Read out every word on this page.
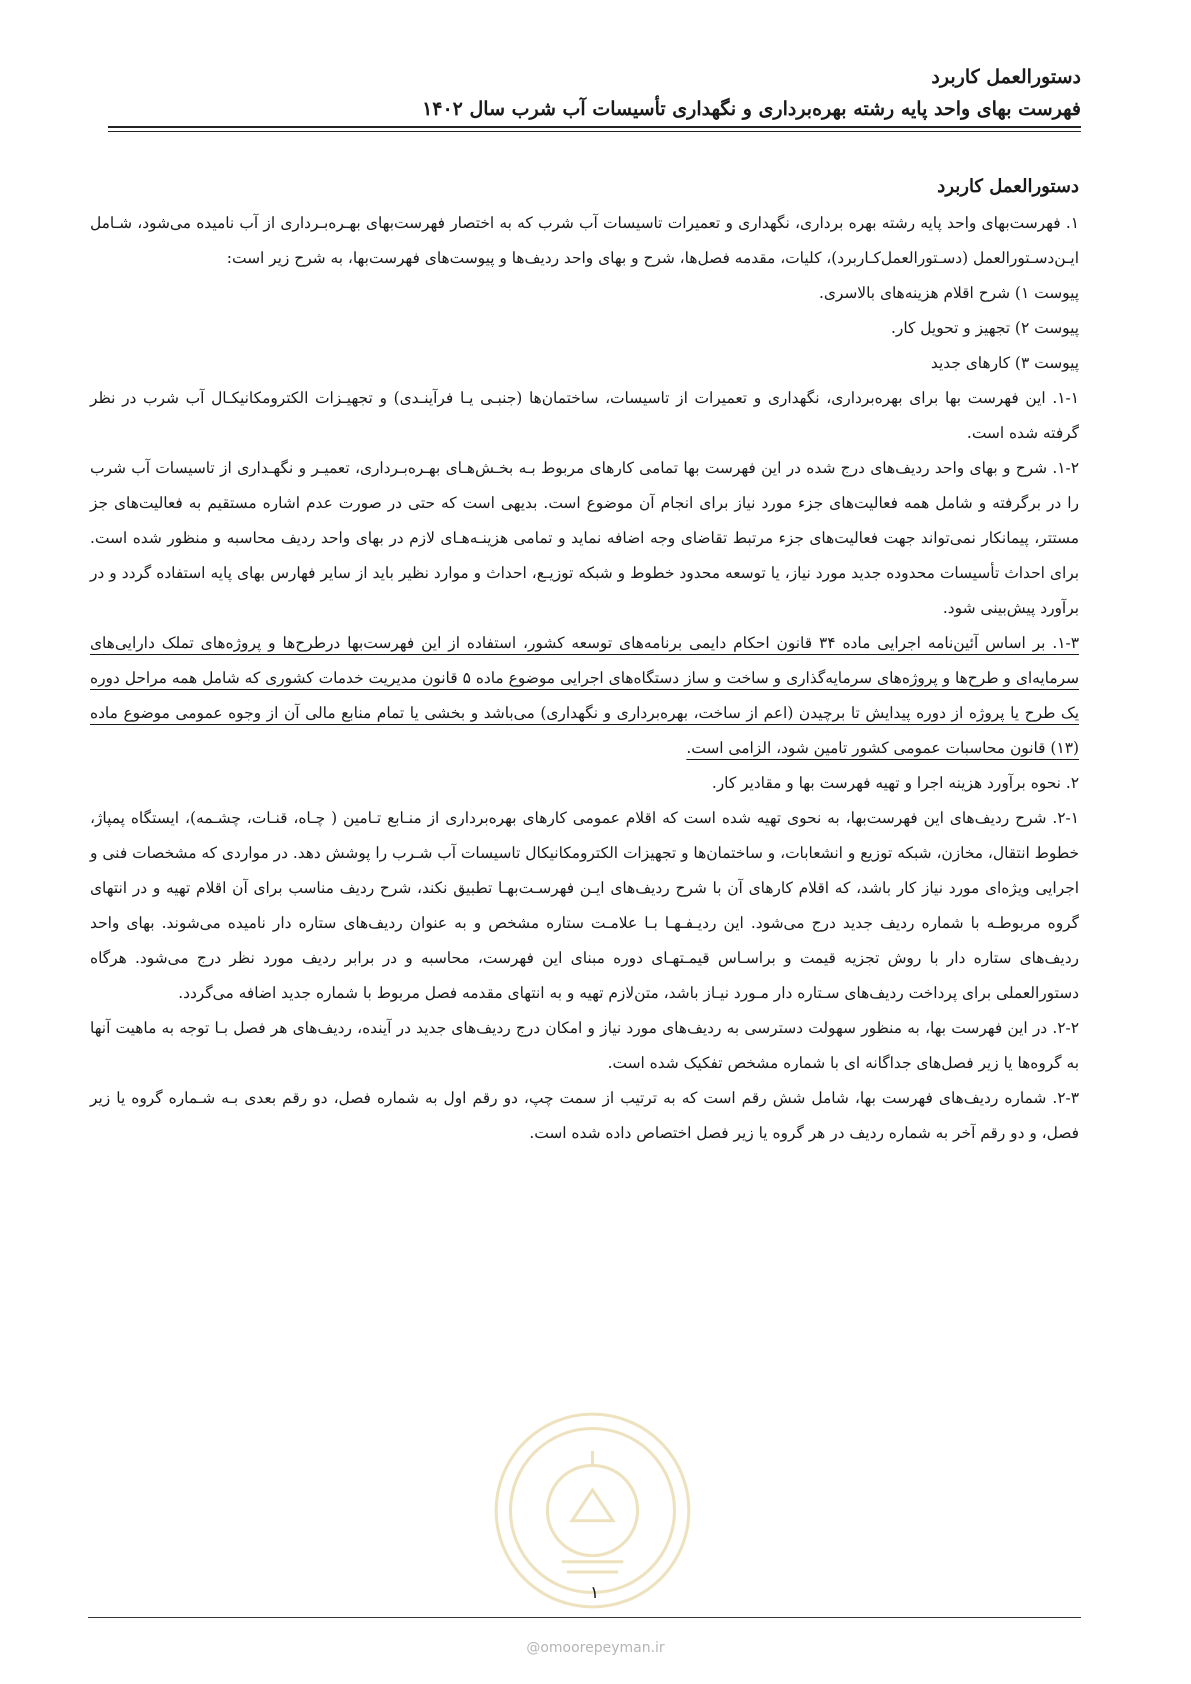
دستورالعمل کاربرد
فهرست بهای واحد پایه رشته بهره‌برداری و نگهداری تأسیسات آب شرب سال ۱۴۰۲
دستورالعمل کاربرد

۱. فهرست‌بهای واحد پایه رشته بهره برداری، نگهداری و تعمیرات تاسیسات آب شرب که به اختصار فهرست‌بهای بهـره‌بـرداری از آب نامیده می‌شود، شـامل ایـن‌دسـتورالعمل (دسـتورالعمل‌کـاربرد)، کلیات، مقدمه فصل‌ها، شرح و بهای واحد ردیف‌ها و پیوست‌های فهرست‌بها، به شرح زیر است:

پیوست ۱) شرح اقلام هزینه‌های بالاسری.

پیوست ۲) تجهیز و تحویل کار.

پیوست ۳) کارهای جدید

۱-۱. این فهرست بها برای بهره‌برداری، نگهداری و تعمیرات از تاسیسات، ساختمان‌ها (جنبـی یـا فرآینـدی) و تجهیـزات الکترومکانیکـال آب شرب در نظر گرفته شده است.

۱-۲. شرح و بهای واحد ردیف‌های درج شده در این فهرست بها تمامی کارهای مربوط بـه بخـش‌هـای بهـره‌بـرداری، تعمیـر و نگهـداری از تاسیسات آب شرب را در برگرفته و شامل همه فعالیت‌های جزء مورد نیاز برای انجام آن موضوع است. بدیهی است که حتی در صورت عدم اشاره مستقیم به فعالیت‌های جز مستتر، پیمانکار نمی‌تواند جهت فعالیت‌های جزء مرتبط تقاضای وجه اضافه نماید و تمامی هزینـه‌هـای لازم در بهای واحد ردیف محاسبه و منظور شده است. برای احداث تأسیسات محدوده جدید مورد نیاز، یا توسعه محدود خطوط و شبکه توزیـع، احداث و موارد نظیر باید از سایر فهارس بهای پایه استفاده گردد و در برآورد پیش‌بینی شود.

۱-۳. بر اساس آئین‌نامه اجرایی ماده ۳۴ قانون احکام دایمی برنامه‌های توسعه کشور، استفاده از این فهرست‌بها درطرح‌ها و پروژه‌های تملک دارایی‌های سرمایه‌ای و طرح‌ها و پروژه‌های سرمایه‌گذاری و ساخت و ساز دستگاه‌های اجرایی موضوع ماده ۵ قانون مدیریت خدمات کشوری که شامل همه مراحل دوره یک طرح یا پروژه از دوره پیدایش تا برچیدن (اعم از ساخت، بهره‌برداری و نگهداری) می‌باشد و بخشی یا تمام منابع مالی آن از وجوه عمومی موضوع ماده (۱۳) قانون محاسبات عمومی کشور تامین شود، الزامی است.

۲. نحوه برآورد هزینه اجرا و تهیه فهرست بها و مقادیر کار.

۲-۱. شرح ردیف‌های این فهرست‌بها، به نحوی تهیه شده است که اقلام عمومی کارهای بهره‌برداری از منـابع تـامین ( چـاه، قنـات، چشـمه)، ایستگاه پمپاژ، خطوط انتقال، مخازن، شبکه توزیع و انشعابات، و ساختمان‌ها و تجهیزات الکترومکانیکال تاسیسات آب شـرب را پوشش دهد. در مواردی که مشخصات فنی و اجرایی ویژه‌ای مورد نیاز کار باشد، که اقلام کارهای آن با شرح ردیف‌های ایـن فهرسـت‌بهـا تطبیق نکند، شرح ردیف مناسب برای آن اقلام تهیه و در انتهای گروه مربوطـه با شماره ردیف جدید درج می‌شود. این ردیـفـهـا بـا علامـت ستاره مشخص و به عنوان ردیف‌های ستاره دار نامیده می‌شوند. بهای واحد ردیف‌های ستاره دار با روش تجزیه قیمت و براسـاس قیمـتهـای دوره مبنای این فهرست، محاسبه و در برابر ردیف مورد نظر درج می‌شود. هرگاه دستورالعملی برای پرداخت ردیف‌های سـتاره دار مـورد نیـاز باشد، متن‌لازم تهیه و به انتهای مقدمه فصل مربوط با شماره جدید اضافه می‌گردد.

۲-۲. در این فهرست بها، به منظور سهولت دسترسی به ردیف‌های مورد نیاز و امکان درج ردیف‌های جدید در آینده، ردیف‌های هر فصل بـا توجه به ماهیت آنها به گروه‌ها یا زیر فصل‌های جداگانه ای با شماره مشخص تفکیک شده است.

۲-۳. شماره ردیف‌های فهرست بها، شامل شش رقم است که به ترتیب از سمت چپ، دو رقم اول به شماره فصل، دو رقم بعدی بـه شـماره گروه یا زیر فصل، و دو رقم آخر به شماره ردیف در هر گروه یا زیر فصل اختصاص داده شده است.

۱
@omoorepeyman.ir
